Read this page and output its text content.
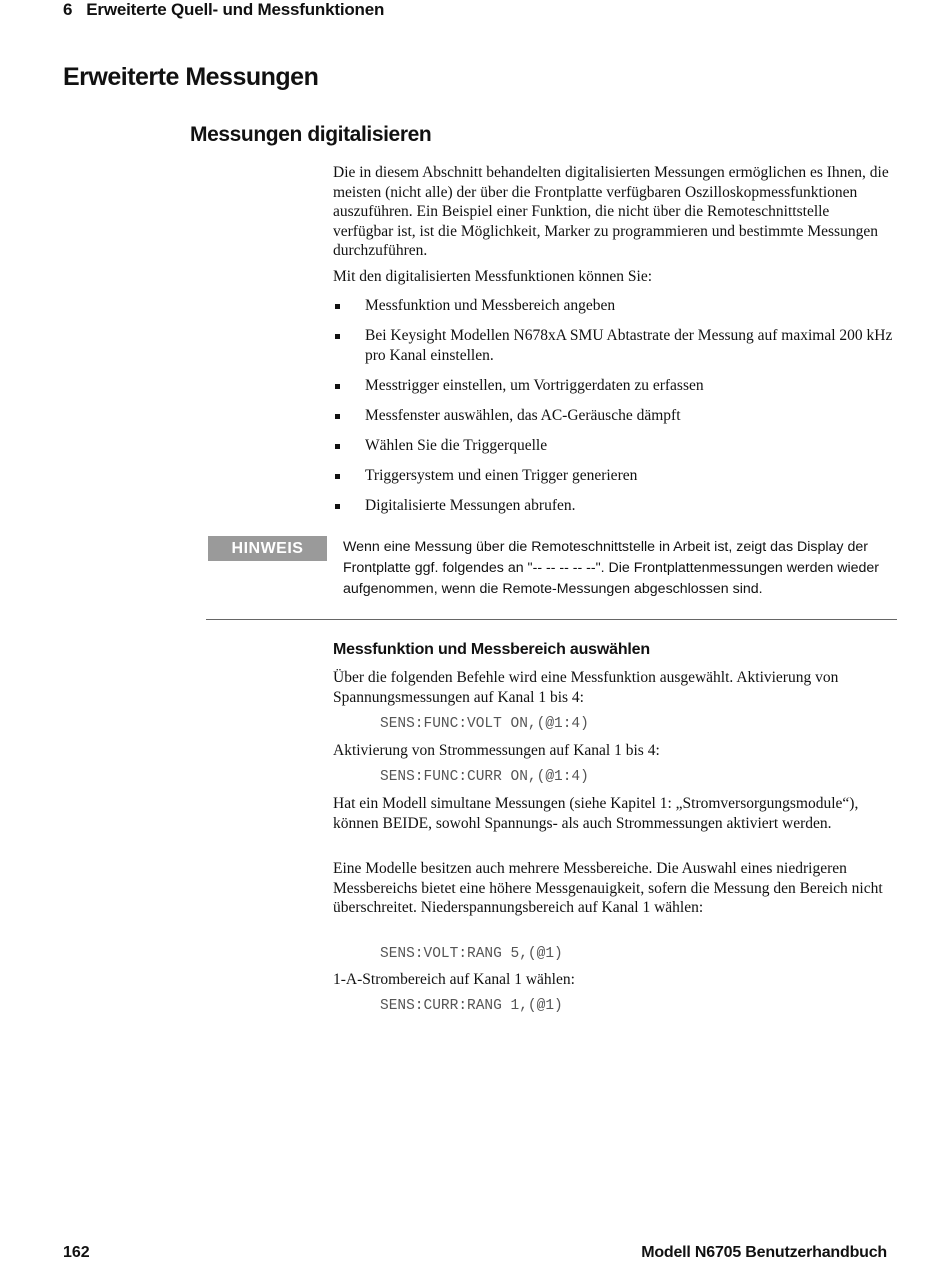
6 Erweiterte Quell- und Messfunktionen
Erweiterte Messungen
Messungen digitalisieren
Die in diesem Abschnitt behandelten digitalisierten Messungen ermöglichen es Ihnen, die meisten (nicht alle) der über die Frontplatte verfügbaren Oszilloskopmessfunktionen auszuführen. Ein Beispiel einer Funktion, die nicht über die Remoteschnittstelle verfügbar ist, ist die Möglichkeit, Marker zu programmieren und bestimmte Messungen durchzuführen.
Mit den digitalisierten Messfunktionen können Sie:
Messfunktion und Messbereich angeben
Bei Keysight Modellen N678xA SMU Abtastrate der Messung auf maximal 200 kHz pro Kanal einstellen.
Messtrigger einstellen, um Vortriggerdaten zu erfassen
Messfenster auswählen, das AC-Geräusche dämpft
Wählen Sie die Triggerquelle
Triggersystem und einen Trigger generieren
Digitalisierte Messungen abrufen.
HINWEIS	Wenn eine Messung über die Remoteschnittstelle in Arbeit ist, zeigt das Display der Frontplatte ggf. folgendes an "-- -- -- -- --". Die Frontplattenmessungen werden wieder aufgenommen, wenn die Remote-Messungen abgeschlossen sind.
Messfunktion und Messbereich auswählen
Über die folgenden Befehle wird eine Messfunktion ausgewählt. Aktivierung von Spannungsmessungen auf Kanal 1 bis 4:
SENS:FUNC:VOLT ON,(@1:4)
Aktivierung von Strommessungen auf Kanal 1 bis 4:
SENS:FUNC:CURR ON,(@1:4)
Hat ein Modell simultane Messungen (siehe Kapitel 1: „Stromversorgungsmodule“), können BEIDE, sowohl Spannungs- als auch Strommessungen aktiviert werden.
Eine Modelle besitzen auch mehrere Messbereiche. Die Auswahl eines niedrigeren Messbereichs bietet eine höhere Messgenauigkeit, sofern die Messung den Bereich nicht überschreitet. Niederspannungsbereich auf Kanal 1 wählen:
SENS:VOLT:RANG 5,(@1)
1-A-Strombereich auf Kanal 1 wählen:
SENS:CURR:RANG 1,(@1)
162	Modell N6705 Benutzerhandbuch
